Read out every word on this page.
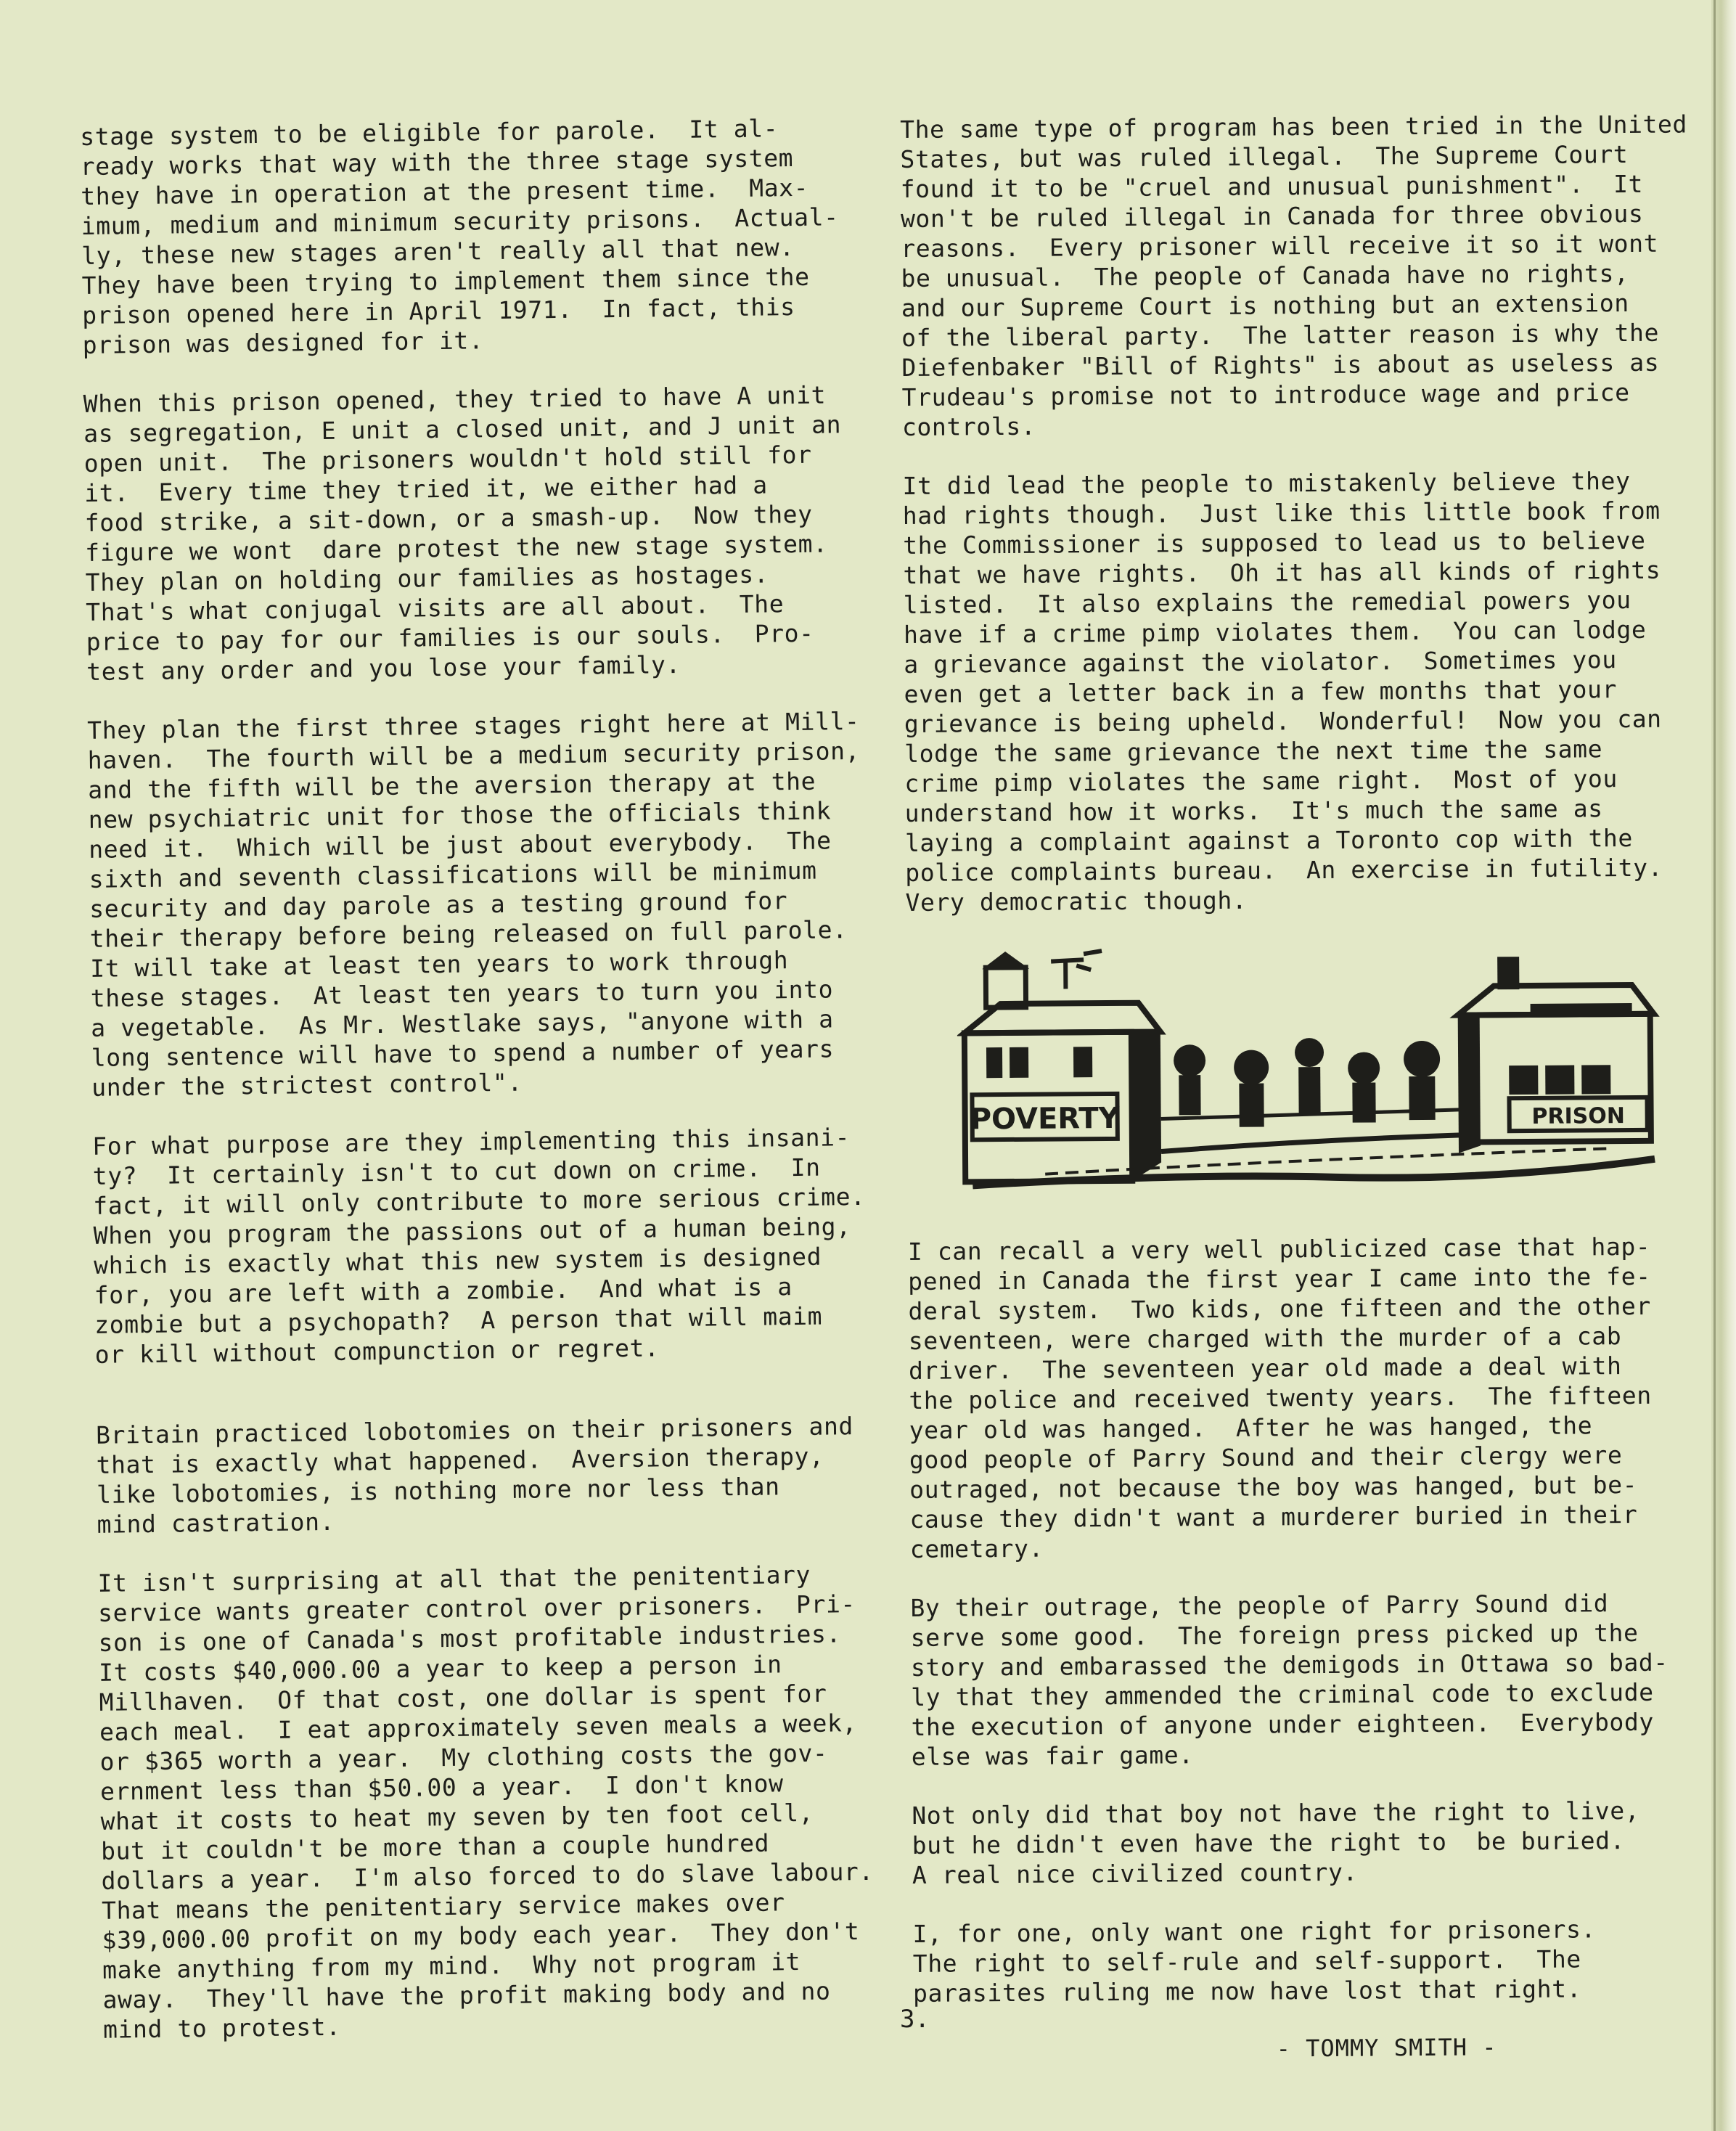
stage system to be eligible for parole.  It al-
ready works that way with the three stage system
they have in operation at the present time.  Max-
imum, medium and minimum security prisons.  Actual-
ly, these new stages aren't really all that new.
They have been trying to implement them since the
prison opened here in April 1971.  In fact, this
prison was designed for it.

When this prison opened, they tried to have A unit
as segregation, E unit a closed unit, and J unit an
open unit.  The prisoners wouldn't hold still for
it.  Every time they tried it, we either had a
food strike, a sit-down, or a smash-up.  Now they
figure we wont  dare protest the new stage system.
They plan on holding our families as hostages.
That's what conjugal visits are all about.  The
price to pay for our families is our souls.  Pro-
test any order and you lose your family.

They plan the first three stages right here at Mill-
haven.  The fourth will be a medium security prison,
and the fifth will be the aversion therapy at the
new psychiatric unit for those the officials think
need it.  Which will be just about everybody.  The
sixth and seventh classifications will be minimum
security and day parole as a testing ground for
their therapy before being released on full parole.
It will take at least ten years to work through
these stages.  At least ten years to turn you into
a vegetable.  As Mr. Westlake says, "anyone with a
long sentence will have to spend a number of years
under the strictest control".

For what purpose are they implementing this insani-
ty?  It certainly isn't to cut down on crime.  In
fact, it will only contribute to more serious crime.
When you program the passions out of a human being,
which is exactly what this new system is designed
for, you are left with a zombie.  And what is a
zombie but a psychopath?  A person that will maim
or kill without compunction or regret.

Britain practiced lobotomies on their prisoners and
that is exactly what happened.  Aversion therapy,
like lobotomies, is nothing more nor less than
mind castration.

It isn't surprising at all that the penitentiary
service wants greater control over prisoners.  Pri-
son is one of Canada's most profitable industries.
It costs $40,000.00 a year to keep a person in
Millhaven.  Of that cost, one dollar is spent for
each meal.  I eat approximately seven meals a week,
or $365 worth a year.  My clothing costs the gov-
ernment less than $50.00 a year.  I don't know
what it costs to heat my seven by ten foot cell,
but it couldn't be more than a couple hundred
dollars a year.  I'm also forced to do slave labour.
That means the penitentiary service makes over
$39,000.00 profit on my body each year.  They don't
make anything from my mind.  Why not program it
away.  They'll have the profit making body and no
mind to protest.

The same type of program has been tried in the United
States, but was ruled illegal.  The Supreme Court
found it to be "cruel and unusual punishment".  It
won't be ruled illegal in Canada for three obvious
reasons.  Every prisoner will receive it so it wont
be unusual.  The people of Canada have no rights,
and our Supreme Court is nothing but an extension
of the liberal party.  The latter reason is why the
Diefenbaker "Bill of Rights" is about as useless as
Trudeau's promise not to introduce wage and price
controls.

It did lead the people to mistakenly believe they
had rights though.  Just like this little book from
the Commissioner is supposed to lead us to believe
that we have rights.  Oh it has all kinds of rights
listed.  It also explains the remedial powers you
have if a crime pimp violates them.  You can lodge
a grievance against the violator.  Sometimes you
even get a letter back in a few months that your
grievance is being upheld.  Wonderful!  Now you can
lodge the same grievance the next time the same
crime pimp violates the same right.  Most of you
understand how it works.  It's much the same as
laying a complaint against a Toronto cop with the
police complaints bureau.  An exercise in futility.
Very democratic though.

POVERTY	PRISON

I can recall a very well publicized case that hap-
pened in Canada the first year I came into the fe-
deral system.  Two kids, one fifteen and the other
seventeen, were charged with the murder of a cab
driver.  The seventeen year old made a deal with
the police and received twenty years.  The fifteen
year old was hanged.  After he was hanged, the
good people of Parry Sound and their clergy were
outraged, not because the boy was hanged, but be-
cause they didn't want a murderer buried in their
cemetary.

By their outrage, the people of Parry Sound did
serve some good.  The foreign press picked up the
story and embarassed the demigods in Ottawa so bad-
ly that they ammended the criminal code to exclude
the execution of anyone under eighteen.  Everybody
else was fair game.

Not only did that boy not have the right to live,
but he didn't even have the right to  be buried.
A real nice civilized country.

I, for one, only want one right for prisoners.
The right to self-rule and self-support.  The
parasites ruling me now have lost that right.

- TOMMY SMITH -
3.
